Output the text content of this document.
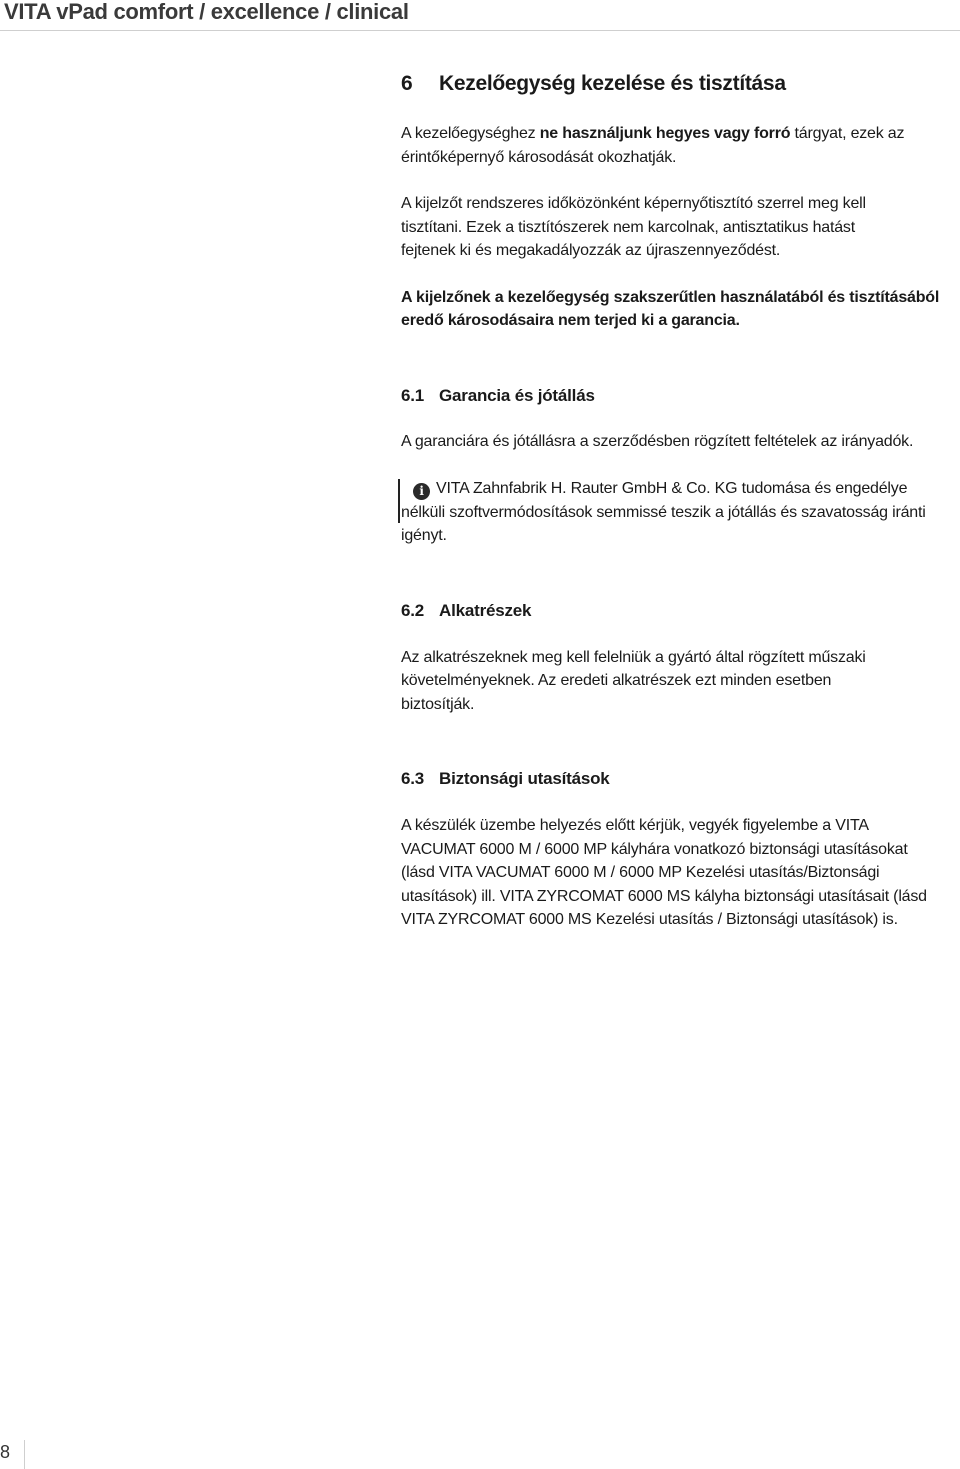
VITA vPad comfort / excellence / clinical
6	Kezelőegység kezelése és tisztítása

A kezelőegységhez ne használjunk hegyes vagy forró tárgyat, ezek az érintőképernyő károsodását okozhatják.

A kijelzőt rendszeres időközönként képernyőtisztító szerrel meg kell tisztítani. Ezek a tisztítószerek nem karcolnak, antisztatikus hatást fejtenek ki és megakadályozzák az újraszennyeződést.

A kijelzőnek a kezelőegység szakszerűtlen használatából és tisztításából eredő károsodásaira nem terjed ki a garancia.

6.1 Garancia és jótállás

A garanciára és jótállásra a szerződésben rögzített feltételek az irányadók.

i VITA Zahnfabrik H. Rauter GmbH & Co. KG tudomása és engedélye nélküli szoftvermódosítások semmissé teszik a jótállás és szavatosság iránti igényt.

6.2 Alkatrészek

Az alkatrészeknek meg kell felelniük a gyártó által rögzített műszaki követelményeknek. Az eredeti alkatrészek ezt minden esetben biztosítják.

6.3 Biztonsági utasítások

A készülék üzembe helyezés előtt kérjük, vegyék figyelembe a VITA VACUMAT 6000 M / 6000 MP kályhára vonatkozó biztonsági utasításokat (lásd VITA VACUMAT 6000 M / 6000 MP Kezelési utasítás/Biztonsági utasítások) ill. VITA ZYRCOMAT 6000 MS kályha biztonsági utasításait (lásd VITA ZYRCOMAT 6000 MS Kezelési utasítás / Biztonsági utasítások) is.

8
